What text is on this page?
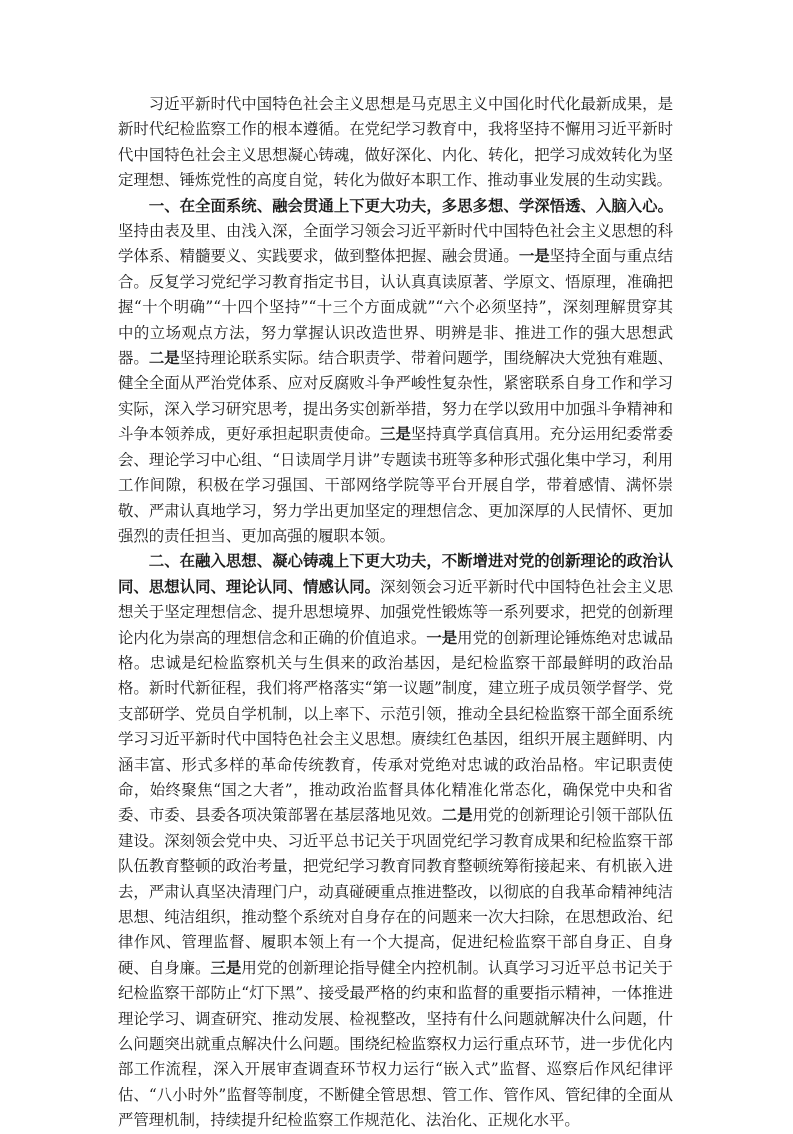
习近平新时代中国特色社会主义思想是马克思主义中国化时代化最新成果，是新时代纪检监察工作的根本遵循。在党纪学习教育中，我将坚持不懈用习近平新时代中国特色社会主义思想凝心铸魂，做好深化、内化、转化，把学习成效转化为坚定理想、锤炼党性的高度自觉，转化为做好本职工作、推动事业发展的生动实践。

一、在全面系统、融会贯通上下更大功夫，多思多想、学深悟透、入脑入心。坚持由表及里、由浅入深，全面学习领会习近平新时代中国特色社会主义思想的科学体系、精髓要义、实践要求，做到整体把握、融会贯通。一是坚持全面与重点结合。反复学习党纪学习教育指定书目，认认真真读原著、学原文、悟原理，准确把握“十个明确”“十四个坚持”“十三个方面成就”“六个必须坚持”，深刻理解贯穿其中的立场观点方法，努力掌握认识改造世界、明辨是非、推进工作的强大思想武器。二是坚持理论联系实际。结合职责学、带着问题学，围绕解决大党独有难题、健全全面从严治党体系、应对反腐败斗争严峻性复杂性，紧密联系自身工作和学习实际，深入学习研究思考，提出务实创新举措，努力在学以致用中加强斗争精神和斗争本领养成，更好承担起职责使命。三是坚持真学真信真用。充分运用纪委常委会、理论学习中心组、“日读周学月讲”专题读书班等多种形式强化集中学习，利用工作间隙，积极在学习强国、干部网络学院等平台开展自学，带着感情、满怀崇敬、严肃认真地学习，努力学出更加坚定的理想信念、更加深厚的人民情怀、更加强烈的责任担当、更加高强的履职本领。

二、在融入思想、凝心铸魂上下更大功夫，不断增进对党的创新理论的政治认同、思想认同、理论认同、情感认同。深刻领会习近平新时代中国特色社会主义思想关于坚定理想信念、提升思想境界、加强党性锻炼等一系列要求，把党的创新理论内化为崇高的理想信念和正确的价值追求。一是用党的创新理论锤炼绝对忠诚品格。忠诚是纪检监察机关与生俱来的政治基因，是纪检监察干部最鲜明的政治品格。新时代新征程，我们将严格落实“第一议题”制度，建立班子成员领学督学、党支部研学、党员自学机制，以上率下、示范引领，推动全县纪检监察干部全面系统学习习近平新时代中国特色社会主义思想。赓续红色基因，组织开展主题鲜明、内涵丰富、形式多样的革命传统教育，传承对党绝对忠诚的政治品格。牢记职责使命，始终聚焦“国之大者”，推动政治监督具体化精准化常态化，确保党中央和省委、市委、县委各项决策部署在基层落地见效。二是用党的创新理论引领干部队伍建设。深刻领会党中央、习近平总书记关于巩固党纪学习教育成果和纪检监察干部队伍教育整顿的政治考量，把党纪学习教育同教育整顿统筹衔接起来、有机嵌入进去，严肃认真坚决清理门户，动真碰硬重点推进整改，以彻底的自我革命精神纯洁思想、纯洁组织，推动整个系统对自身存在的问题来一次大扫除，在思想政治、纪律作风、管理监督、履职本领上有一个大提高，促进纪检监察干部自身正、自身硬、自身廉。三是用党的创新理论指导健全内控机制。认真学习习近平总书记关于纪检监察干部防止“灯下黑”、接受最严格的约束和监督的重要指示精神，一体推进理论学习、调查研究、推动发展、检视整改，坚持有什么问题就解决什么问题，什么问题突出就重点解决什么问题。围绕纪检监察权力运行重点环节，进一步优化内部工作流程，深入开展审查调查环节权力运行“嵌入式”监督、巡察后作风纪律评估、“八小时外”监督等制度，不断健全管思想、管工作、管作风、管纪律的全面从严管理机制，持续提升纪检监察工作规范化、法治化、正规化水平。
